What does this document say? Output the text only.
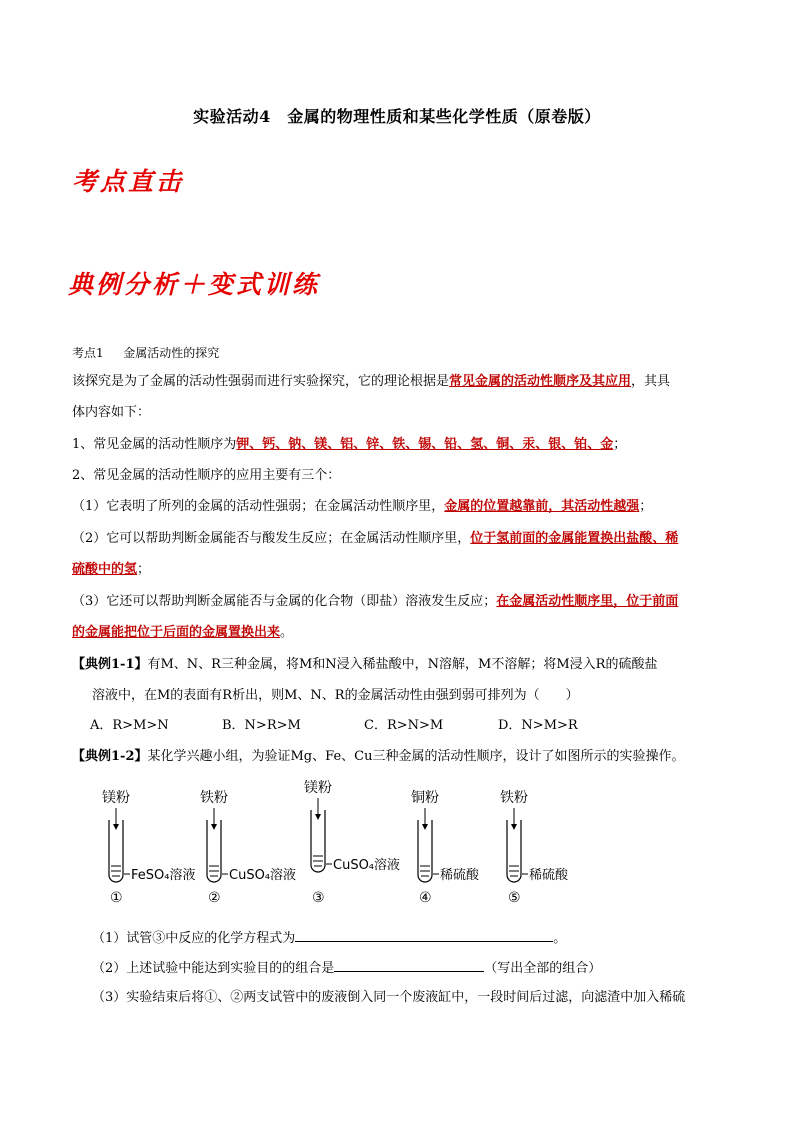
实验活动4　金属的物理性质和某些化学性质（原卷版）
考点直击
典例分析＋变式训练
考点1 金属活动性的探究
该探究是为了金属的活动性强弱而进行实验探究，它的理论根据是常见金属的活动性顺序及其应用，其具
体内容如下：
1、常见金属的活动性顺序为钾、钙、钠、镁、铝、锌、铁、锡、铅、氢、铜、汞、银、铂、金；
2、常见金属的活动性顺序的应用主要有三个：
（1）它表明了所列的金属的活动性强弱；在金属活动性顺序里，金属的位置越靠前，其活动性越强；
（2）它可以帮助判断金属能否与酸发生反应；在金属活动性顺序里，位于氢前面的金属能置换出盐酸、稀
硫酸中的氢；
（3）它还可以帮助判断金属能否与金属的化合物（即盐）溶液发生反应；在金属活动性顺序里，位于前面
的金属能把位于后面的金属置换出来。
【典例1-1】有M、N、R三种金属，将M和N浸入稀盐酸中，N溶解，M不溶解；将M浸入R的硫酸盐
溶液中，在M的表面有R析出，则M、N、R的金属活动性由强到弱可排列为（　　）
A．R>M>N	B．N>R>M	C．R>N>M	D．N>M>R
【典例1-2】某化学兴趣小组，为验证Mg、Fe、Cu三种金属的活动性顺序，设计了如图所示的实验操作。
镁粉
FeSO₄溶液
①
铁粉
CuSO₄溶液
②
镁粉
CuSO₄溶液
③
铜粉
稀硫酸
④
铁粉
稀硫酸
⑤
（1）试管③中反应的化学方程式为	。
（2）上述试验中能达到实验目的的组合是	（写出全部的组合）
（3）实验结束后将①、②两支试管中的废液倒入同一个废液缸中，一段时间后过滤，向滤渣中加入稀硫
